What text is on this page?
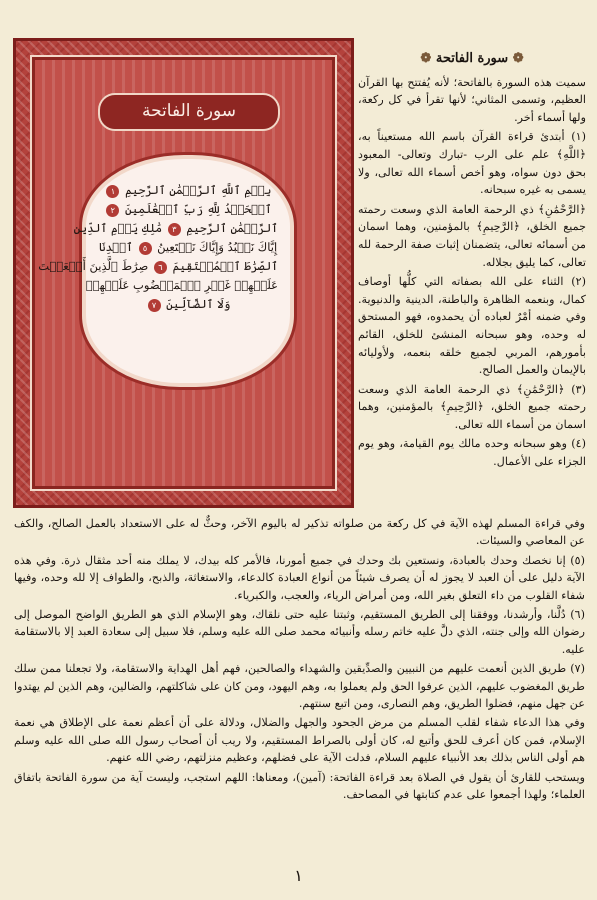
سورة الفاتحة
بِسۡمِ ٱللَّهِ ٱلرَّحۡمَٰنِ ٱلرَّحِيمِ ١
ٱلۡحَمۡدُ لِلَّهِ رَبِّ ٱلۡعَٰلَمِينَ ٢
ٱلرَّحۡمَٰنِ ٱلرَّحِيمِ ٣ مَٰلِكِ يَوۡمِ ٱلدِّينِ
إِيَّاكَ نَعۡبُدُ وَإِيَّاكَ نَسۡتَعِينُ ٥ ٱهۡدِنَا
ٱلصِّرَٰطَ ٱلۡمُسۡتَقِيمَ ٦ صِرَٰطَ ٱلَّذِينَ أَنۡعَمۡتَ
عَلَيۡهِمۡ غَيۡرِ ٱلۡمَغۡضُوبِ عَلَيۡهِمۡ
وَلَا ٱلضَّآلِّينَ ٧
❁ سورة الفاتحة ❁

سميت هذه السورة بالفاتحة؛ لأنه يُفتتح بها القرآن العظيم، وتسمى المثاني؛ لأنها تقرأ في كل ركعة، ولها أسماء أخر.

(١) أبتدئ قراءة القرآن باسم الله مستعيناً به، ﴿اللَّهِ﴾ علم على الرب -تبارك وتعالى- المعبود بحق دون سواه، وهو أخص أسماء الله تعالى، ولا يسمى به غيره سبحانه.

﴿الرَّحْمَٰنِ﴾ ذي الرحمة العامة الذي وسعت رحمته جميع الخلق، ﴿الرَّحِيمِ﴾ بالمؤمنين، وهما اسمان من أسمائه تعالى، يتضمنان إثبات صفة الرحمة لله تعالى، كما يليق بجلاله.

(٢) الثناء على الله بصفاته التي كلُّها أوصاف كمال، وبنعمه الظاهرة والباطنة، الدينية والدنيوية. وفي ضمنه أمْرٌ لعباده أن يحمدوه، فهو المستحق له وحده، وهو سبحانه المنشئ للخلق، القائم بأمورهم، المربي لجميع خلقه بنعمه، ولأوليائه بالإيمان والعمل الصالح.

(٣) ﴿الرَّحْمَٰنِ﴾ ذي الرحمة العامة الذي وسعت رحمته جميع الخلق، ﴿الرَّحِيمِ﴾ بالمؤمنين، وهما اسمان من أسماء الله تعالى.

(٤) وهو سبحانه وحده مالك يوم القيامة، وهو يوم الجزاء على الأعمال.

وفي قراءة المسلم لهذه الآية في كل ركعة من صلواته تذكير له باليوم الآخر، وحثٌّ له على الاستعداد بالعمل الصالح، والكف عن المعاصي والسيئات.

(٥) إنا نخصك وحدك بالعبادة، ونستعين بك وحدك في جميع أمورنا، فالأمر كله بيدك، لا يملك منه أحد مثقال ذرة. وفي هذه الآية دليل على أن العبد لا يجوز له أن يصرف شيئاً من أنواع العبادة كالدعاء، والاستغاثة، والذبح، والطواف إلا لله وحده، وفيها شفاء القلوب من داء التعلق بغير الله، ومن أمراض الرياء، والعجب، والكبرياء.

(٦) دُلَّنا، وأرشدنا، ووفقنا إلى الطريق المستقيم، وثبتنا عليه حتى نلقاك، وهو الإسلام الذي هو الطريق الواضح الموصل إلى رضوان الله وإلى جنته، الذي دلَّ عليه خاتم رسله وأنبيائه محمد صلى الله عليه وسلم، فلا سبيل إلى سعادة العبد إلا بالاستقامة عليه.

(٧) طريق الذين أنعمت عليهم من النبيين والصدِّيقين والشهداء والصالحين، فهم أهل الهداية والاستقامة، ولا تجعلنا ممن سلك طريق المغضوب عليهم، الذين عرفوا الحق ولم يعملوا به، وهم اليهود، ومن كان على شاكلتهم، والضالين، وهم الذين لم يهتدوا عن جهل منهم، فضلوا الطريق، وهم النصارى، ومن اتبع سنتهم.

وفي هذا الدعاء شفاء لقلب المسلم من مرض الجحود والجهل والضلال، ودلالة على أن أعظم نعمة على الإطلاق هي نعمة الإسلام، فمن كان أعرف للحق وأتبع له، كان أولى بالصراط المستقيم، ولا ريب أن أصحاب رسول الله صلى الله عليه وسلم هم أولى الناس بذلك بعد الأنبياء عليهم السلام، فدلت الآية على فضلهم، وعظيم منزلتهم، رضي الله عنهم.

ويستحب للقارئ أن يقول في الصلاة بعد قراءة الفاتحة: (آمين)، ومعناها: اللهم استجب، وليست آية من سورة الفاتحة باتفاق العلماء؛ ولهذا أجمعوا على عدم كتابتها في المصاحف.

١
